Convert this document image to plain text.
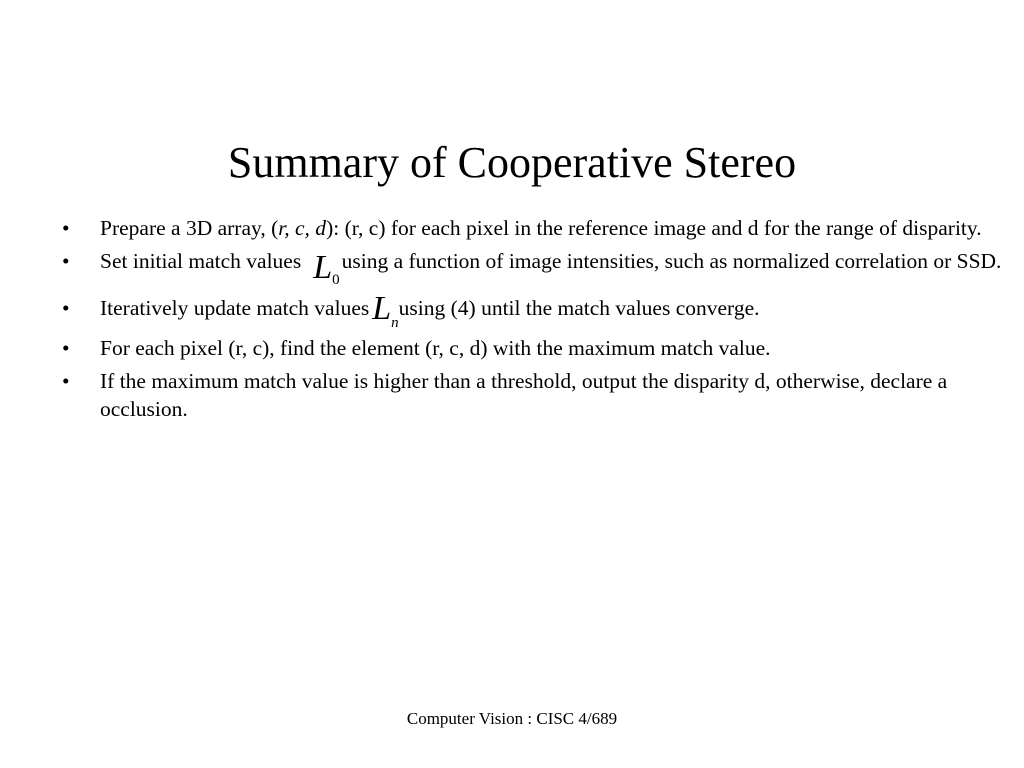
Summary of Cooperative Stereo
•	Prepare a 3D array, (r, c, d): (r, c) for each pixel in the reference image and d for the range of disparity.
•	Set initial match values L0using a function of image intensities, such as normalized correlation or SSD.
•	Iteratively update match valuesL$_n$using (4) until the match values converge.
•	For each pixel (r, c), find the element (r, c, d) with the maximum match value.
•	If the maximum match value is higher than a threshold, output the disparity d, otherwise, declare a occlusion.
Computer Vision : CISC 4/689
